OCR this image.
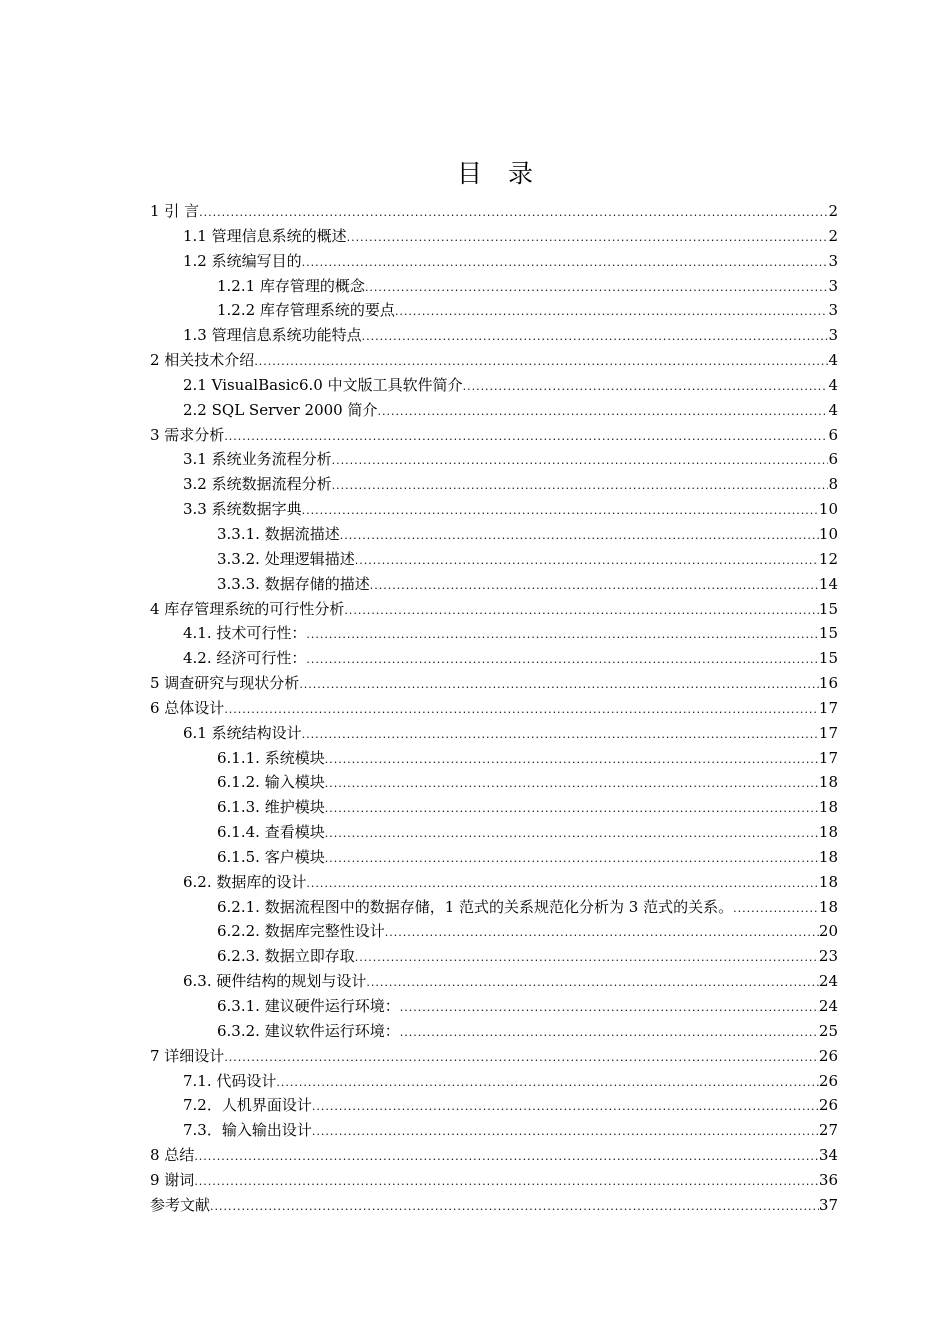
目 录
1 引 言 .....	2
1.1 管理信息系统的概述 .....	2
1.2 系统编写目的 .....	3
1.2.1 库存管理的概念 .....	3
1.2.2 库存管理系统的要点 .....	3
1.3 管理信息系统功能特点 .....	3
2 相关技术介绍 .....	4
2.1 VisualBasic6.0 中文版工具软件简介 .....	4
2.2 SQL Server 2000 简介 .....	4
3 需求分析 .....	6
3.1 系统业务流程分析 .....	6
3.2 系统数据流程分析 .....	8
3.3 系统数据字典 .....	10
3.3.1. 数据流描述 .....	10
3.3.2. 处理逻辑描述 .....	12
3.3.3. 数据存储的描述 .....	14
4 库存管理系统的可行性分析 .....	15
4.1. 技术可行性： .....	15
4.2. 经济可行性： .....	15
5 调查研究与现状分析 .....	16
6 总体设计 .....	17
6.1 系统结构设计 .....	17
6.1.1. 系统模块 .....	17
6.1.2. 输入模块 .....	18
6.1.3. 维护模块 .....	18
6.1.4. 查看模块 .....	18
6.1.5. 客户模块 .....	18
6.2. 数据库的设计 .....	18
6.2.1. 数据流程图中的数据存储，1 范式的关系规范化分析为 3 范式的关系。 .....	18
6.2.2. 数据库完整性设计 .....	20
6.2.3. 数据立即存取 .....	23
6.3. 硬件结构的规划与设计 .....	24
6.3.1. 建议硬件运行环境： .....	24
6.3.2. 建议软件运行环境： .....	25
7 详细设计 .....	26
7.1. 代码设计 .....	26
7.2．人机界面设计 .....	26
7.3．输入输出设计 .....	27
8 总结 .....	34
9 谢词 .....	36
参考文献 .....	37
